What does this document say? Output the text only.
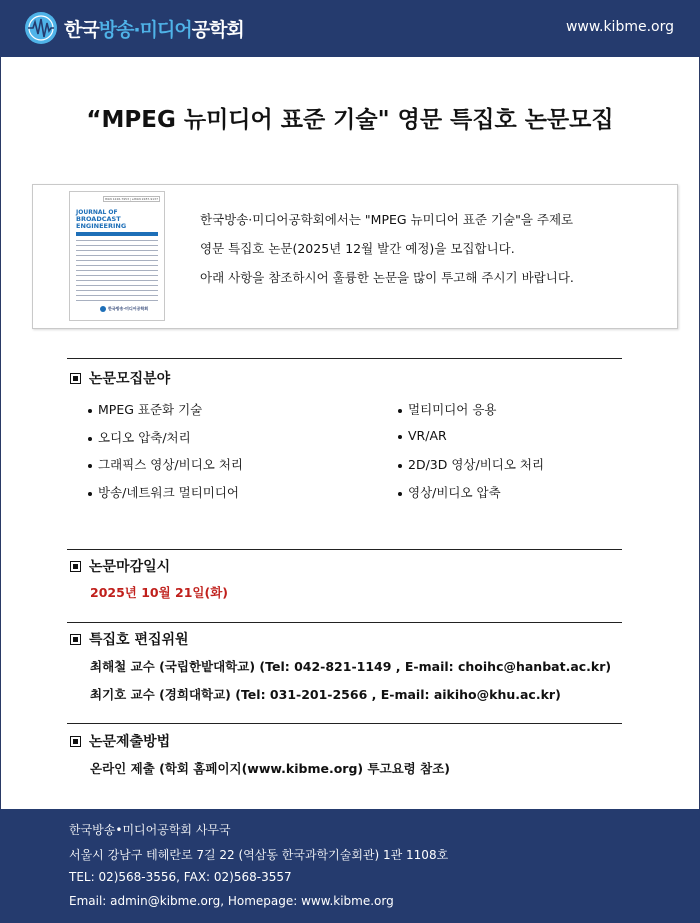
한국방송·미디어공학회	www.kibme.org
“MPEG 뉴미디어 표준 기술" 영문 특집호 논문모집
ISSN 1226-7953 | eISSN 2287-9137
JOURNAL OF
BROADCAST ENGINEERING
한국방송·미디어공학회

한국방송·미디어공학회에서는 "MPEG 뉴미디어 표준 기술"을 주제로

영문 특집호 논문(2025년 12월 발간 예정)을 모집합니다.

아래 사항을 참조하시어 훌륭한 논문을 많이 투고해 주시기 바랍니다.

논문모집분야
MPEG 표준화 기술
오디오 압축/처리
그래픽스 영상/비디오 처리
방송/네트워크 멀티미디어
멀티미디어 응용
VR/AR
2D/3D 영상/비디오 처리
영상/비디오 압축
논문마감일시
2025년 10월 21일(화)
특집호 편집위원
최해철 교수 (국립한밭대학교) (Tel: 042-821-1149 , E-mail: choihc@hanbat.ac.kr)
최기호 교수 (경희대학교) (Tel: 031-201-2566 , E-mail: aikiho@khu.ac.kr)
논문제출방법
온라인 제출 (학회 홈페이지(www.kibme.org) 투고요령 참조)

한국방송•미디어공학회 사무국

서울시 강남구 테헤란로 7길 22 (역삼동 한국과학기술회관) 1관 1108호

TEL: 02)568-3556, FAX: 02)568-3557

Email: admin@kibme.org, Homepage: www.kibme.org
